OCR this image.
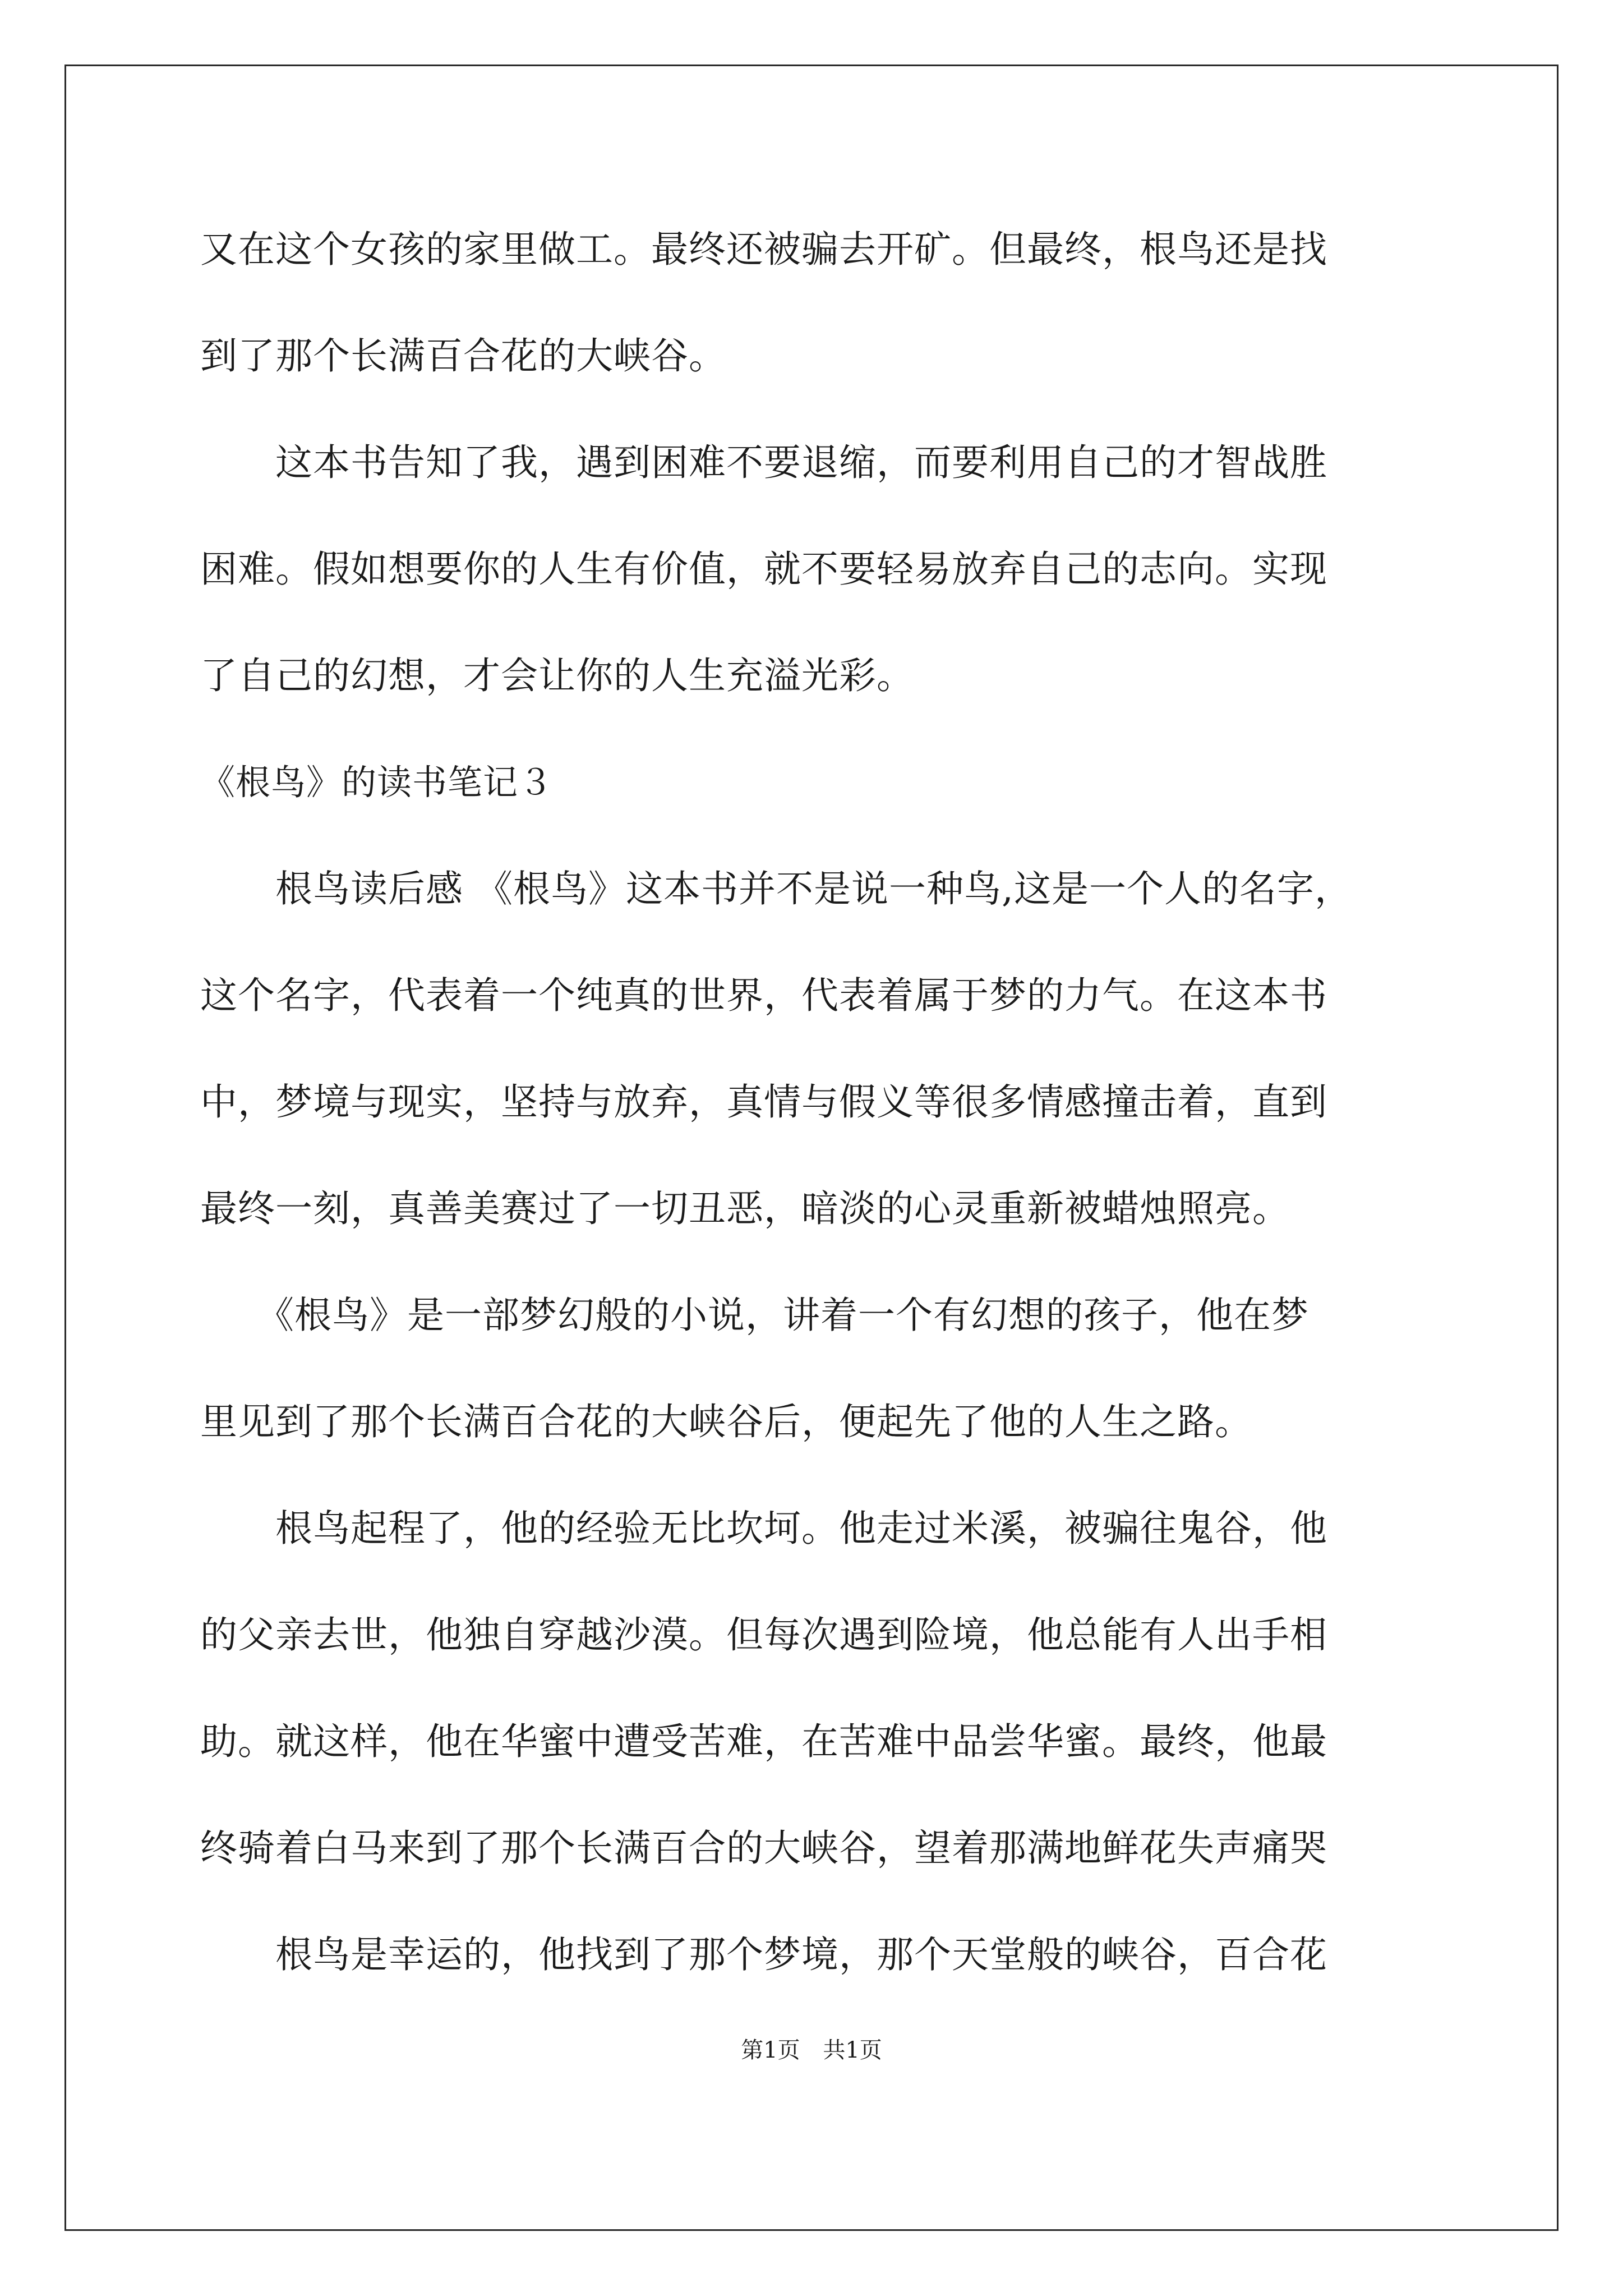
又在这个女孩的家里做工。最终还被骗去开矿。但最终，根鸟还是找
到了那个长满百合花的大峡谷。
　　这本书告知了我，遇到困难不要退缩，而要利用自己的才智战胜
困难。假如想要你的人生有价值，就不要轻易放弃自己的志向。实现
了自己的幻想，才会让你的人生充溢光彩。
《根鸟》的读书笔记３
　　根鸟读后感 《根鸟》这本书并不是说一种鸟,这是一个人的名字，
这个名字，代表着一个纯真的世界，代表着属于梦的力气。在这本书
中，梦境与现实，坚持与放弃，真情与假义等很多情感撞击着，直到
最终一刻，真善美赛过了一切丑恶，暗淡的心灵重新被蜡烛照亮。
　　《根鸟》是一部梦幻般的小说，讲着一个有幻想的孩子，他在梦
里见到了那个长满百合花的大峡谷后，便起先了他的人生之路。
　　根鸟起程了，他的经验无比坎坷。他走过米溪，被骗往鬼谷，他
的父亲去世，他独自穿越沙漠。但每次遇到险境，他总能有人出手相
助。就这样，他在华蜜中遭受苦难，在苦难中品尝华蜜。最终，他最
终骑着白马来到了那个长满百合的大峡谷，望着那满地鲜花失声痛哭
　　根鸟是幸运的，他找到了那个梦境，那个天堂般的峡谷，百合花
第1页 共1页
